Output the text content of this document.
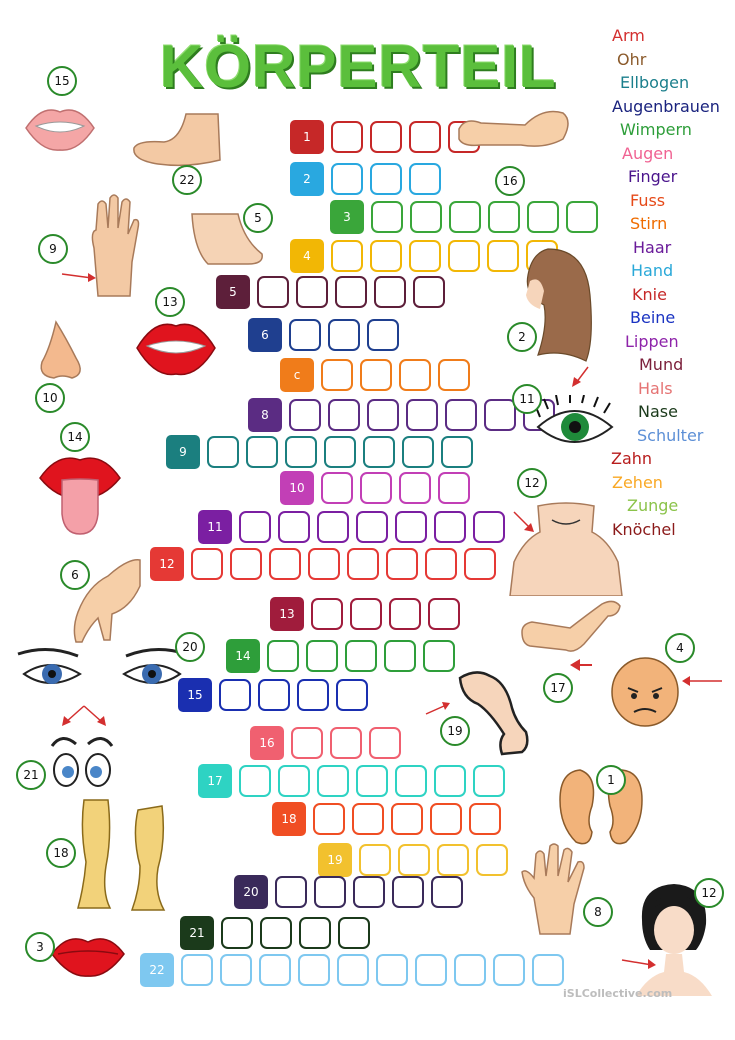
KÖRPERTEIL	Arm
Ohr
Ellbogen
Augenbrauen
Wimpern
Augen
Finger
Fuss
Stirn
Haar
Hand
Knie
Beine
Lippen
Mund
Hals
Nase
Schulter
Zahn
Zehen
Zunge
Knöchel
1
2
3
4
5
6
c
8
9
10
11
12
13
14
15
16
17
18
19
20
21
22
15
22	16
9
5
2
13
10	11
14
12
6
20
17
4
19
21	1
18
8
12
3
iSLCollective.com
